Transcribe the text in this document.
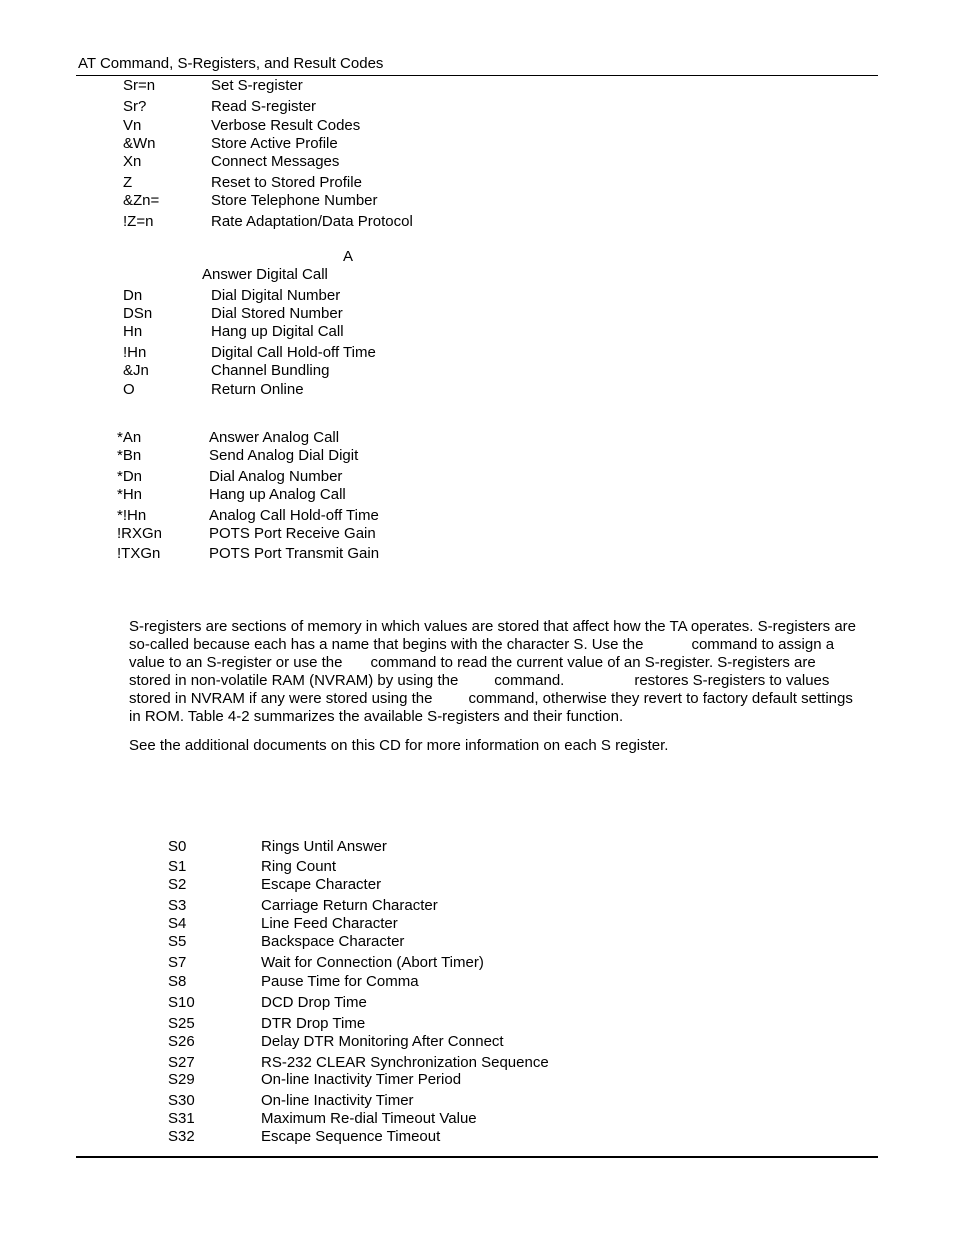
AT Command, S-Registers, and Result Codes
Sr=n	Set S-register
Sr?	Read S-register
Vn	Verbose Result Codes
&Wn	Store Active Profile
Xn	Connect Messages
Z	Reset to Stored Profile
&Zn=	Store Telephone Number
!Z=n	Rate Adaptation/Data Protocol
A
Answer Digital Call
Dn	Dial Digital Number
DSn	Dial Stored Number
Hn	Hang up Digital Call
!Hn	Digital Call Hold-off Time
&Jn	Channel Bundling
O	Return Online
*An	Answer Analog Call
*Bn	Send Analog Dial Digit
*Dn	Dial Analog Number
*Hn	Hang up Analog Call
*!Hn	Analog Call Hold-off Time
!RXGn	POTS Port Receive Gain
!TXGn	POTS Port Transmit Gain
S-registers are sections of memory in which values are stored that affect how the TA operates. S-registers are so-called because each has a name that begins with the character S. Use the	command to assign a value to an S-register or use the command to read the current value of an S-register. S-registers are stored in non-volatile RAM (NVRAM) by using the command.	restores S-registers to values stored in NVRAM if any were stored using the command, otherwise they revert to factory default settings in ROM. Table 4-2 summarizes the available S-registers and their function.
See the additional documents on this CD for more information on each S register.
S0	Rings Until Answer
S1	Ring Count
S2	Escape Character
S3	Carriage Return Character
S4	Line Feed Character
S5	Backspace Character
S7	Wait for Connection (Abort Timer)
S8	Pause Time for Comma
S10	DCD Drop Time
S25	DTR Drop Time
S26	Delay DTR Monitoring After Connect
S27	RS-232 CLEAR Synchronization Sequence
S29	On-line Inactivity Timer Period
S30	On-line Inactivity Timer
S31	Maximum Re-dial Timeout Value
S32	Escape Sequence Timeout
